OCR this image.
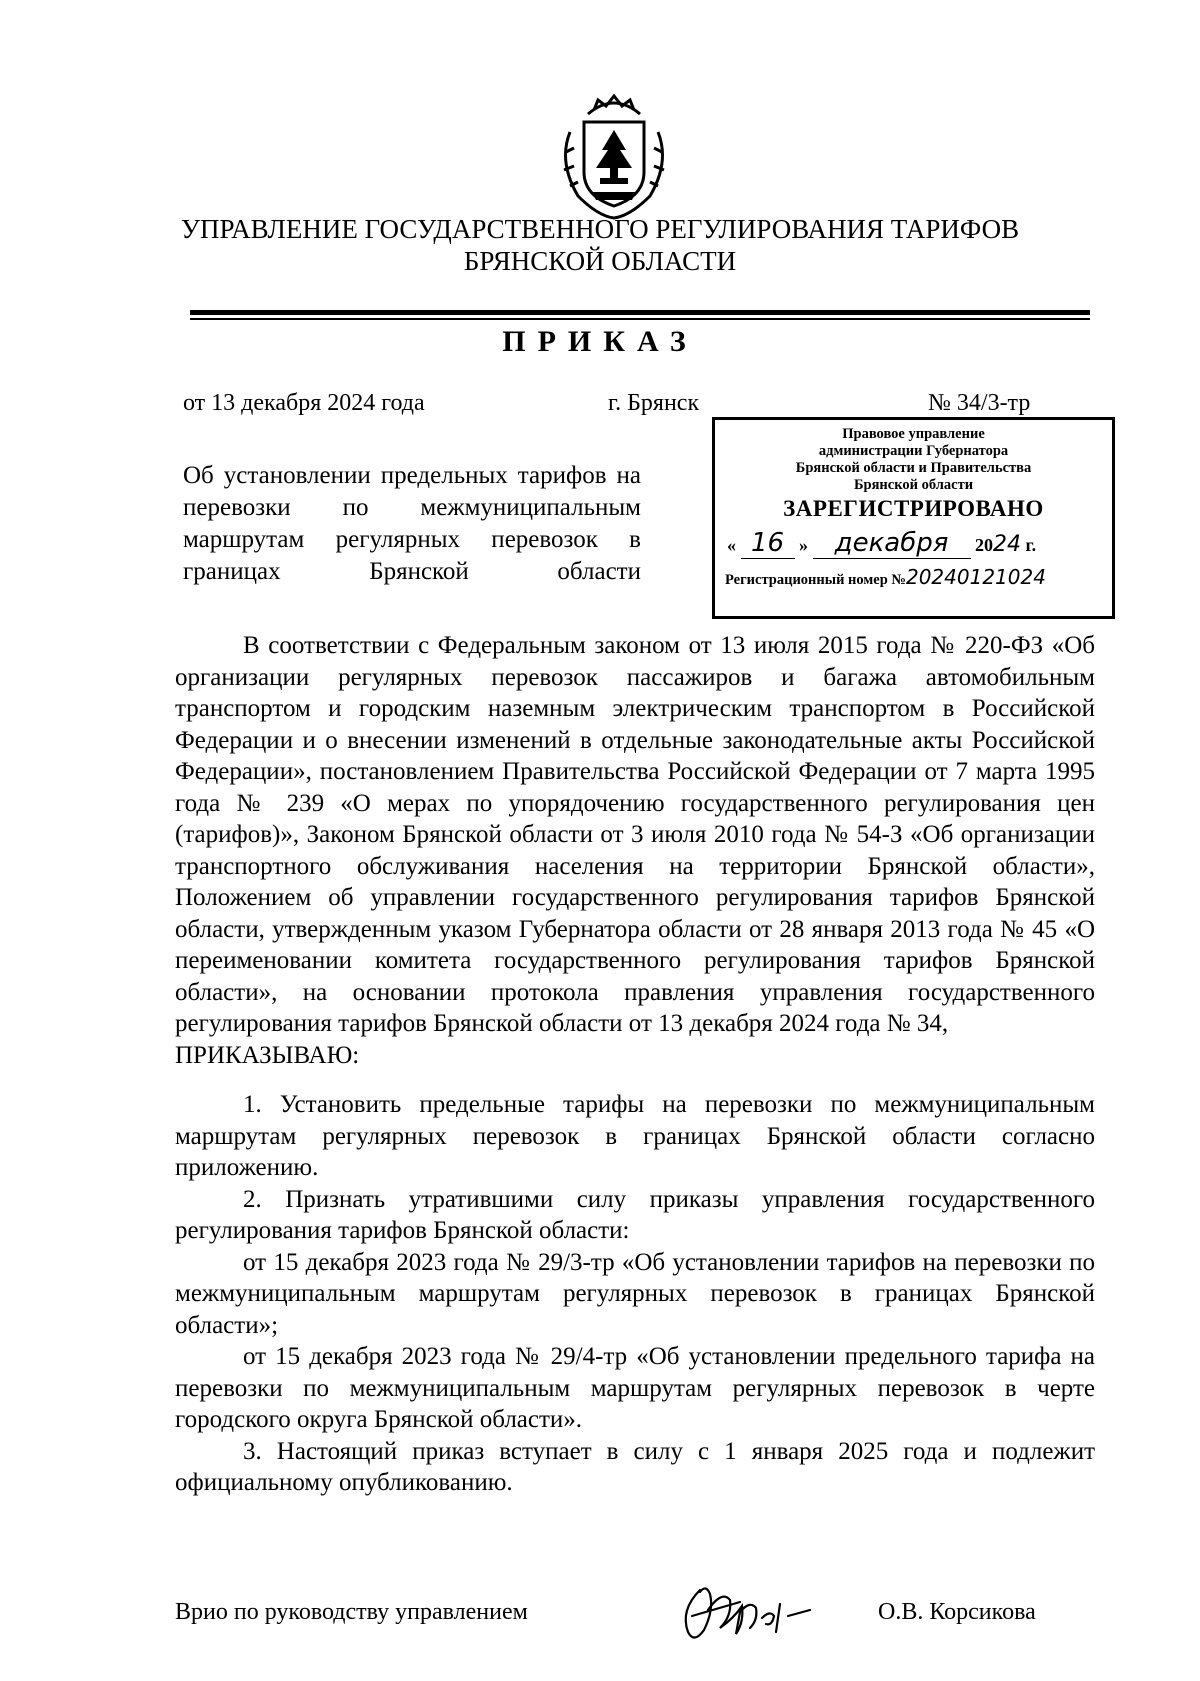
УПРАВЛЕНИЕ ГОСУДАРСТВЕННОГО РЕГУЛИРОВАНИЯ ТАРИФОВ
БРЯНСКОЙ ОБЛАСТИ
ПРИКАЗ
от 13 декабря 2024 года	г. Брянск	№ 34/3-тр
Об установлении предельных тарифов на перевозки по межмуниципальным маршрутам регулярных перевозок в границах Брянской области
Правовое управление
администрации Губернатора
Брянской области и Правительства
Брянской области
ЗАРЕГИСТРИРОВАНО
« 16 » декабря 2024 г.
Регистрационный номер №20240121024

В соответствии с Федеральным законом от 13 июля 2015 года № 220-ФЗ «Об организации регулярных перевозок пассажиров и багажа автомобильным транспортом и городским наземным электрическим транспортом в Российской Федерации и о внесении изменений в отдельные законодательные акты Российской Федерации», постановлением Правительства Российской Федерации от 7 марта 1995 года № 239 «О мерах по упорядочению государственного регулирования цен (тарифов)», Законом Брянской области от 3 июля 2010 года № 54-З «Об организации транспортного обслуживания населения на территории Брянской области», Положением об управлении государственного регулирования тарифов Брянской области, утвержденным указом Губернатора области от 28 января 2013 года № 45 «О переименовании комитета государственного регулирования тарифов Брянской области», на основании протокола правления управления государственного регулирования тарифов Брянской области от 13 декабря 2024 года № 34,

ПРИКАЗЫВАЮ:

1. Установить предельные тарифы на перевозки по межмуниципальным маршрутам регулярных перевозок в границах Брянской области согласно приложению.

2. Признать утратившими силу приказы управления государственного регулирования тарифов Брянской области:

от 15 декабря 2023 года № 29/3-тр «Об установлении тарифов на перевозки по межмуниципальным маршрутам регулярных перевозок в границах Брянской области»;

от 15 декабря 2023 года № 29/4-тр «Об установлении предельного тарифа на перевозки по межмуниципальным маршрутам регулярных перевозок в черте городского округа Брянской области».

3. Настоящий приказ вступает в силу с 1 января 2025 года и подлежит официальному опубликованию.

Врио по руководству управлением	О.В. Корсикова
